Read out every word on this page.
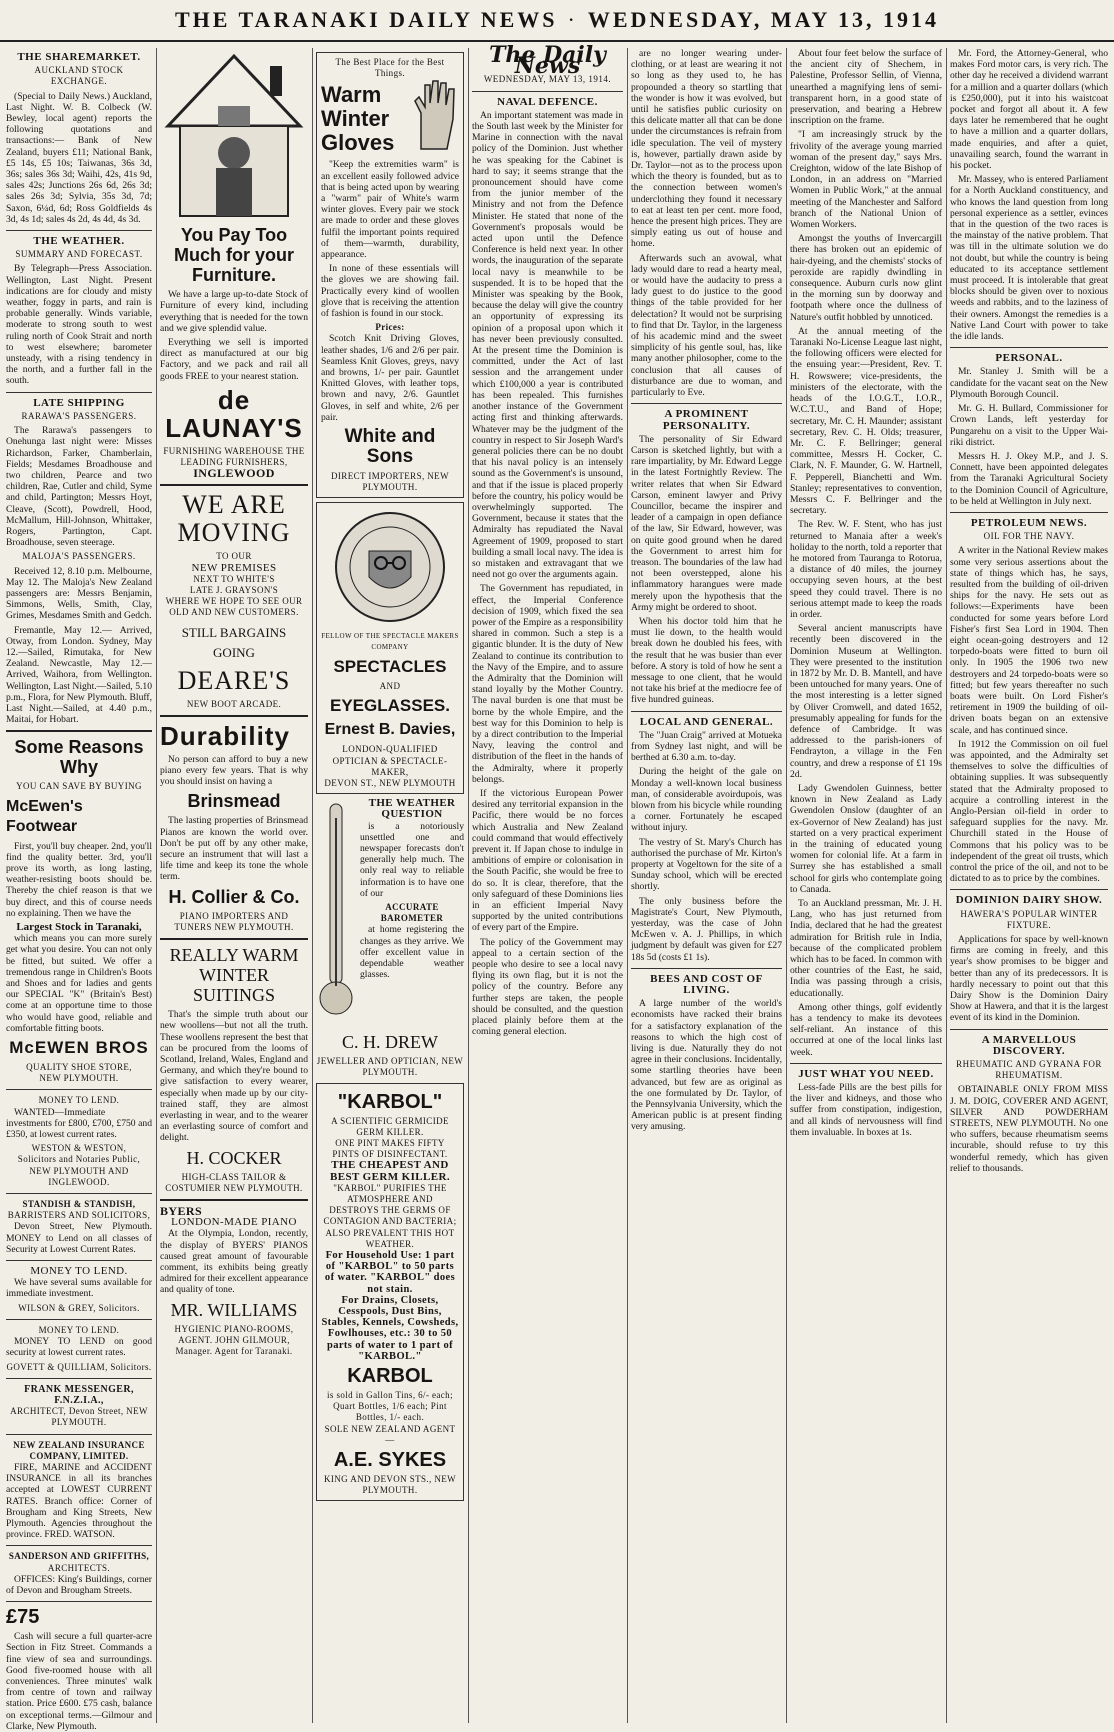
THE TARANAKI DAILY NEWS · WEDNESDAY, MAY 13, 1914
THE SHAREMARKET.
AUCKLAND STOCK EXCHANGE.

(Special to Daily News.) Auckland, Last Night. W. B. Colbeck (W. Bewley, local agent) reports the following quotations and transactions:— Bank of New Zealand, buyers £11; National Bank, £5 14s, £5 10s; Taiwanas, 36s 3d, 36s; sales 36s 3d; Waihi, 42s, 41s 9d, sales 42s; Junctions 26s 6d, 26s 3d; sales 26s 3d; Sylvia, 35s 3d, 7d; Saxon, 6¼d, 6d; Ross Goldfields 4s 3d, 4s 1d; sales 4s 2d, 4s 4d, 4s 3d.

THE WEATHER.
SUMMARY AND FORECAST.

By Telegraph—Press Association. Wellington, Last Night. Present indications are for cloudy and misty weather, foggy in parts, and rain is probable generally. Winds variable, moderate to strong south to west ruling north of Cook Strait and north to west elsewhere; barometer unsteady, with a rising tendency in the north, and a further fall in the south.

LATE SHIPPING
RARAWA'S PASSENGERS.

The Rarawa's passengers to Onehunga last night were: Misses Richardson, Farker, Chamberlain, Fields; Mesdames Broadhouse and two children, Pearce and two children, Rae, Cutler and child, Syme and child, Partington; Messrs Hoyt, Cleave, (Scott), Powdrell, Hood, McMallum, Hill-Johnson, Whittaker, Rogers, Partington, Capt. Broadhouse, seven steerage.

MALOJA'S PASSENGERS.

Received 12, 8.10 p.m. Melbourne, May 12. The Maloja's New Zealand passengers are: Messrs Benjamin, Simmons, Wells, Smith, Clay, Grimes, Mesdames Smith and Gedch.

Fremantle, May 12.— Arrived, Otway, from London. Sydney, May 12.—Sailed, Rimutaka, for New Zealand. Newcastle, May 12.—Arrived, Waihora, from Wellington. Wellington, Last Night.—Sailed, 5.10 p.m., Flora, for New Plymouth. Bluff, Last Night.—Sailed, at 4.40 p.m., Maitai, for Hobart.

Some Reasons Why
YOU CAN SAVE BY BUYING
McEwen's Footwear

First, you'll buy cheaper. 2nd, you'll find the quality better. 3rd, you'll prove its worth, as long lasting, weather-resisting boots should be. Thereby the chief reason is that we buy direct, and this of course needs no explaining. Then we have the

Largest Stock in Taranaki,

which means you can more surely get what you desire. You can not only be fitted, but suited. We offer a tremendous range in Children's Boots and Shoes and for ladies and gents our SPECIAL "K" (Britain's Best) come at an opportune time to those who would have good, reliable and comfortable fitting boots.

McEWEN BROS
QUALITY SHOE STORE,
NEW PLYMOUTH.
MONEY TO LEND.

WANTED—Immediate investments for £800, £700, £750 and £350, at lowest current rates.

WESTON & WESTON,
Solicitors and Notaries Public, NEW PLYMOUTH AND INGLEWOOD.
STANDISH & STANDISH,
BARRISTERS AND SOLICITORS,

Devon Street, New Plymouth. MONEY to Lend on all classes of Security at Lowest Current Rates.

MONEY TO LEND.

We have several sums available for immediate investment.

WILSON & GREY, Solicitors.
MONEY TO LEND.

MONEY TO LEND on good security at lowest current rates.

GOVETT & QUILLIAM, Solicitors.
FRANK MESSENGER, F.N.Z.I.A.,
ARCHITECT, Devon Street, NEW PLYMOUTH.
NEW ZEALAND INSURANCE COMPANY, LIMITED.

FIRE, MARINE and ACCIDENT INSURANCE in all its branches accepted at LOWEST CURRENT RATES. Branch office: Corner of Brougham and King Streets, New Plymouth. Agencies throughout the province. FRED. WATSON.

SANDERSON AND GRIFFITHS,
ARCHITECTS.

OFFICES: King's Buildings, corner of Devon and Brougham Streets.

£75

Cash will secure a full quarter-acre Section in Fitz Street. Commands a fine view of sea and surroundings. Good five-roomed house with all conveniences. Three minutes' walk from centre of town and railway station. Price £600. £75 cash, balance on exceptional terms.—Gilmour and Clarke, New Plymouth.

You Pay Too Much for your Furniture.

We have a large up-to-date Stock of Furniture of every kind, including everything that is needed for the town and we give splendid value.

Everything we sell is imported direct as manufactured at our big Factory, and we pack and rail all goods FREE to your nearest station.

de LAUNAY'S
FURNISHING WAREHOUSE THE LEADING FURNISHERS,
INGLEWOOD
WE ARE MOVING
TO OUR
NEW PREMISES
NEXT TO WHITE'S
LATE J. GRAYSON'S
WHERE WE HOPE TO SEE OUR OLD AND NEW CUSTOMERS.
STILL BARGAINS GOING
DEARE'S
NEW BOOT ARCADE.
Durability

No person can afford to buy a new piano every few years. That is why you should insist on having a

Brinsmead

The lasting properties of Brinsmead Pianos are known the world over. Don't be put off by any other make, secure an instrument that will last a life time and keep its tone the whole term.

H. Collier & Co.
PIANO IMPORTERS AND TUNERS NEW PLYMOUTH.
REALLY WARM WINTER SUITINGS

That's the simple truth about our new woollens—but not all the truth. These woollens represent the best that can be procured from the looms of Scotland, Ireland, Wales, England and Germany, and which they're bound to give satisfaction to every wearer, especially when made up by our city-trained staff, they are almost everlasting in wear, and to the wearer an everlasting source of comfort and delight.

H. COCKER
HIGH-CLASS TAILOR & COSTUMIER NEW PLYMOUTH.
BYERS
LONDON-MADE PIANO

At the Olympia, London, recently, the display of BYERS' PIANOS caused great amount of favourable comment, its exhibits being greatly admired for their excellent appearance and quality of tone.

MR. WILLIAMS
HYGIENIC PIANO-ROOMS, AGENT. JOHN GILMOUR, Manager. Agent for Taranaki.
The Best Place for the Best Things.
Warm Winter Gloves

"Keep the extremities warm" is an excellent easily followed advice that is being acted upon by wearing a "warm" pair of White's warm winter gloves. Every pair we stock are made to order and these gloves fulfil the important points required of them—warmth, durability, appearance.

In none of these essentials will the gloves we are showing fail. Practically every kind of woollen glove that is receiving the attention of fashion is found in our stock.

Prices:

Scotch Knit Driving Gloves, leather shades, 1/6 and 2/6 per pair. Seamless Knit Gloves, greys, navy and browns, 1/- per pair. Gauntlet Knitted Gloves, with leather tops, brown and navy, 2/6. Gauntlet Gloves, in self and white, 2/6 per pair.

White and Sons
DIRECT IMPORTERS, NEW PLYMOUTH.
FELLOW OF THE SPECTACLE MAKERS COMPANY
SPECTACLES
AND
EYEGLASSES.
Ernest B. Davies,
LONDON-QUALIFIED OPTICIAN & SPECTACLE-MAKER,
DEVON ST., NEW PLYMOUTH
THE WEATHER QUESTION

is a notoriously unsettled one and newspaper forecasts don't generally help much. The only real way to reliable information is to have one of our

ACCURATE BAROMETER

at home registering the changes as they arrive. We offer excellent value in dependable weather glasses.

C. H. DREW
JEWELLER AND OPTICIAN, NEW PLYMOUTH.
"KARBOL"
A SCIENTIFIC GERMICIDE GERM KILLER.
ONE PINT MAKES FIFTY PINTS OF DISINFECTANT.
THE CHEAPEST AND BEST GERM KILLER.
"KARBOL" PURIFIES THE ATMOSPHERE AND DESTROYS THE GERMS OF CONTAGION AND BACTERIA; ALSO PREVALENT THIS HOT WEATHER.
For Household Use: 1 part of "KARBOL" to 50 parts of water. "KARBOL" does not stain.
For Drains, Closets, Cesspools, Dust Bins, Stables, Kennels, Cowsheds, Fowlhouses, etc.: 30 to 50 parts of water to 1 part of "KARBOL."
KARBOL
is sold in Gallon Tins, 6/- each; Quart Bottles, 1/6 each; Pint Bottles, 1/- each.
SOLE NEW ZEALAND AGENT—
A.E. SYKES
KING AND DEVON STS., NEW PLYMOUTH.
The Daily News
WEDNESDAY, MAY 13, 1914.
NAVAL DEFENCE.

An important statement was made in the South last week by the Minister for Marine in connection with the naval policy of the Dominion. Just whether he was speaking for the Cabinet is hard to say; it seems strange that the pronouncement should have come from the junior member of the Ministry and not from the Defence Minister. He stated that none of the Government's proposals would be acted upon until the Defence Conference is held next year. In other words, the inauguration of the separate local navy is meanwhile to be suspended. It is to be hoped that the Minister was speaking by the Book, because the delay will give the country an opportunity of expressing its opinion of a proposal upon which it has never been previously consulted. At the present time the Dominion is committed, under the Act of last session and the arrangement under which £100,000 a year is contributed has been repealed. This furnishes another instance of the Government acting first and thinking afterwards. Whatever may be the judgment of the country in respect to Sir Joseph Ward's general policies there can be no doubt that his naval policy is an intensely sound as the Government's is unsound, and that if the issue is placed properly before the country, his policy would be overwhelmingly supported. The Government, because it states that the Admiralty has repudiated the Naval Agreement of 1909, proposed to start building a small local navy. The idea is so mistaken and extravagant that we need not go over the arguments again.

The Government has repudiated, in effect, the Imperial Conference decision of 1909, which fixed the sea power of the Empire as a responsibility shared in common. Such a step is a gigantic blunder. It is the duty of New Zealand to continue its contribution to the Navy of the Empire, and to assure the Admiralty that the Dominion will stand loyally by the Mother Country. The naval burden is one that must be borne by the whole Empire, and the best way for this Dominion to help is by a direct contribution to the Imperial Navy, leaving the control and distribution of the fleet in the hands of the Admiralty, where it properly belongs.

If the victorious European Power desired any territorial expansion in the Pacific, there would be no forces which Australia and New Zealand could command that would effectively prevent it. If Japan chose to indulge in ambitions of empire or colonisation in the South Pacific, she would be free to do so. It is clear, therefore, that the only safeguard of these Dominions lies in an efficient Imperial Navy supported by the united contributions of every part of the Empire.

The policy of the Government may appeal to a certain section of the people who desire to see a local navy flying its own flag, but it is not the policy of the country. Before any further steps are taken, the people should be consulted, and the question placed plainly before them at the coming general election.

are no longer wearing under-clothing, or at least are wearing it not so long as they used to, he has propounded a theory so startling that the wonder is how it was evolved, but until he satisfies public curiosity on this delicate matter all that can be done under the circumstances is refrain from idle speculation. The veil of mystery is, however, partially drawn aside by Dr. Taylor—not as to the process upon which the theory is founded, but as to the connection between women's underclothing they found it necessary to eat at least ten per cent. more food, hence the present high prices. They are simply eating us out of house and home.

Afterwards such an avowal, what lady would dare to read a hearty meal, or would have the audacity to press a lady guest to do justice to the good things of the table provided for her delectation? It would not be surprising to find that Dr. Taylor, in the largeness of his academic mind and the sweet simplicity of his gentle soul, has, like many another philosopher, come to the conclusion that all causes of disturbance are due to woman, and particularly to Eve.

A PROMINENT PERSONALITY.

The personality of Sir Edward Carson is sketched lightly, but with a rare impartiality, by Mr. Edward Legge in the latest Fortnightly Review. The writer relates that when Sir Edward Carson, eminent lawyer and Privy Councillor, became the inspirer and leader of a campaign in open defiance of the law, Sir Edward, however, was on quite good ground when he dared the Government to arrest him for treason. The boundaries of the law had not been overstepped, alone his inflammatory harangues were made merely upon the hypothesis that the Army might be ordered to shoot.

When his doctor told him that he must lie down, to the health would break down he doubled his fees, with the result that he was busier than ever before. A story is told of how he sent a message to one client, that he would not take his brief at the mediocre fee of five hundred guineas.

LOCAL AND GENERAL.

The "Juan Craig" arrived at Motueka from Sydney last night, and will be berthed at 6.30 a.m. to-day.

During the height of the gale on Monday a well-known local business man, of considerable avoirdupois, was blown from his bicycle while rounding a corner. Fortunately he escaped without injury.

The vestry of St. Mary's Church has authorised the purchase of Mr. Kirton's property at Vogeltown for the site of a Sunday school, which will be erected shortly.

The only business before the Magistrate's Court, New Plymouth, yesterday, was the case of John McEwen v. A. J. Phillips, in which judgment by default was given for £27 18s 5d (costs £1 1s).

BEES AND COST OF LIVING.

A large number of the world's economists have racked their brains for a satisfactory explanation of the reasons to which the high cost of living is due. Naturally they do not agree in their conclusions. Incidentally, some startling theories have been advanced, but few are as original as the one formulated by Dr. Taylor, of the Pennsylvania University, which the American public is at present finding very amusing.

About four feet below the surface of the ancient city of Shechem, in Palestine, Professor Sellin, of Vienna, unearthed a magnifying lens of semi-transparent horn, in a good state of preservation, and bearing a Hebrew inscription on the frame.

"I am increasingly struck by the frivolity of the average young married woman of the present day," says Mrs. Creighton, widow of the late Bishop of London, in an address on "Married Women in Public Work," at the annual meeting of the Manchester and Salford branch of the National Union of Women Workers.

Amongst the youths of Invercargill there has broken out an epidemic of hair-dyeing, and the chemists' stocks of peroxide are rapidly dwindling in consequence. Auburn curls now glint in the morning sun by doorway and footpath where once the dullness of Nature's outfit hobbled by unnoticed.

At the annual meeting of the Taranaki No-License League last night, the following officers were elected for the ensuing year:—President, Rev. T. H. Rowswere; vice-presidents, the ministers of the electorate, with the heads of the I.O.G.T., I.O.R., W.C.T.U., and Band of Hope; secretary, Mr. C. H. Maunder; assistant secretary, Rev. C. H. Olds; treasurer, Mr. C. F. Bellringer; general committee, Messrs H. Cocker, C. Clark, N. F. Maunder, G. W. Hartnell, F. Pepperell, Bianchetti and Wm. Stanley; representatives to convention, Messrs C. F. Bellringer and the secretary.

The Rev. W. F. Stent, who has just returned to Manaia after a week's holiday to the north, told a reporter that he motored from Tauranga to Rotorua, a distance of 40 miles, the journey occupying seven hours, at the best speed they could travel. There is no serious attempt made to keep the roads in order.

Several ancient manuscripts have recently been discovered in the Dominion Museum at Wellington. They were presented to the institution in 1872 by Mr. D. B. Mantell, and have been untouched for many years. One of the most interesting is a letter signed by Oliver Cromwell, and dated 1652, presumably appealing for funds for the defence of Cambridge. It was addressed to the parish-ioners of Fendrayton, a village in the Fen country, and drew a response of £1 19s 2d.

Lady Gwendolen Guinness, better known in New Zealand as Lady Gwendolen Onslow (daughter of an ex-Governor of New Zealand) has just started on a very practical experiment in the training of educated young women for colonial life. At a farm in Surrey she has established a small school for girls who contemplate going to Canada.

To an Auckland pressman, Mr. J. H. Lang, who has just returned from India, declared that he had the greatest admiration for British rule in India, because of the complicated problem which has to be faced. In common with other countries of the East, he said, India was passing through a crisis, educationally.

Among other things, golf evidently has a tendency to make its devotees self-reliant. An instance of this occurred at one of the local links last week.

JUST WHAT YOU NEED.

Less-fade Pills are the best pills for the liver and kidneys, and those who suffer from constipation, indigestion, and all kinds of nervousness will find them invaluable. In boxes at 1s.

Mr. Ford, the Attorney-General, who makes Ford motor cars, is very rich. The other day he received a dividend warrant for a million and a quarter dollars (which is £250,000), put it into his waistcoat pocket and forgot all about it. A few days later he remembered that he ought to have a million and a quarter dollars, made enquiries, and after a quiet, unavailing search, found the warrant in his pocket.

Mr. Massey, who is entered Parliament for a North Auckland constituency, and who knows the land question from long personal experience as a settler, evinces that in the question of the two races is the mainstay of the native problem. That was till in the ultimate solution we do not doubt, but while the country is being educated to its acceptance settlement must proceed. It is intolerable that great blocks should be given over to noxious weeds and rabbits, and to the laziness of their owners. Amongst the remedies is a Native Land Court with power to take the idle lands.

PERSONAL.

Mr. Stanley J. Smith will be a candidate for the vacant seat on the New Plymouth Borough Council.

Mr. G. H. Bullard, Commissioner for Crown Lands, left yesterday for Pungarehu on a visit to the Upper Wai-riki district.

Messrs H. J. Okey M.P., and J. S. Connett, have been appointed delegates from the Taranaki Agricultural Society to the Dominion Council of Agriculture, to be held at Wellington in July next.

PETROLEUM NEWS.
OIL FOR THE NAVY.

A writer in the National Review makes some very serious assertions about the state of things which has, he says, resulted from the building of oil-driven ships for the navy. He sets out as follows:—Experiments have been conducted for some years before Lord Fisher's first Sea Lord in 1904. Then eight ocean-going destroyers and 12 torpedo-boats were fitted to burn oil only. In 1905 the 1906 two new destroyers and 24 torpedo-boats were so fitted; but few years thereafter no such boats were built. On Lord Fisher's retirement in 1909 the building of oil-driven boats began on an extensive scale, and has continued since.

In 1912 the Commission on oil fuel was appointed, and the Admiralty set themselves to solve the difficulties of obtaining supplies. It was subsequently stated that the Admiralty proposed to acquire a controlling interest in the Anglo-Persian oil-field in order to safeguard supplies for the navy. Mr. Churchill stated in the House of Commons that his policy was to be independent of the great oil trusts, which control the price of the oil, and not to be dictated to as to price by the combines.

DOMINION DAIRY SHOW.
HAWERA'S POPULAR WINTER FIXTURE.

Applications for space by well-known firms are coming in freely, and this year's show promises to be bigger and better than any of its predecessors. It is hardly necessary to point out that this Dairy Show is the Dominion Dairy Show at Hawera, and that it is the largest event of its kind in the Dominion.

A MARVELLOUS DISCOVERY.
RHEUMATIC AND GYRANA FOR RHEUMATISM.

OBTAINABLE ONLY FROM MISS J. M. DOIG, COVERER AND AGENT, SILVER AND POWDERHAM STREETS, NEW PLYMOUTH. No one who suffers, because rheumatism seems incurable, should refuse to try this wonderful remedy, which has given relief to thousands.
